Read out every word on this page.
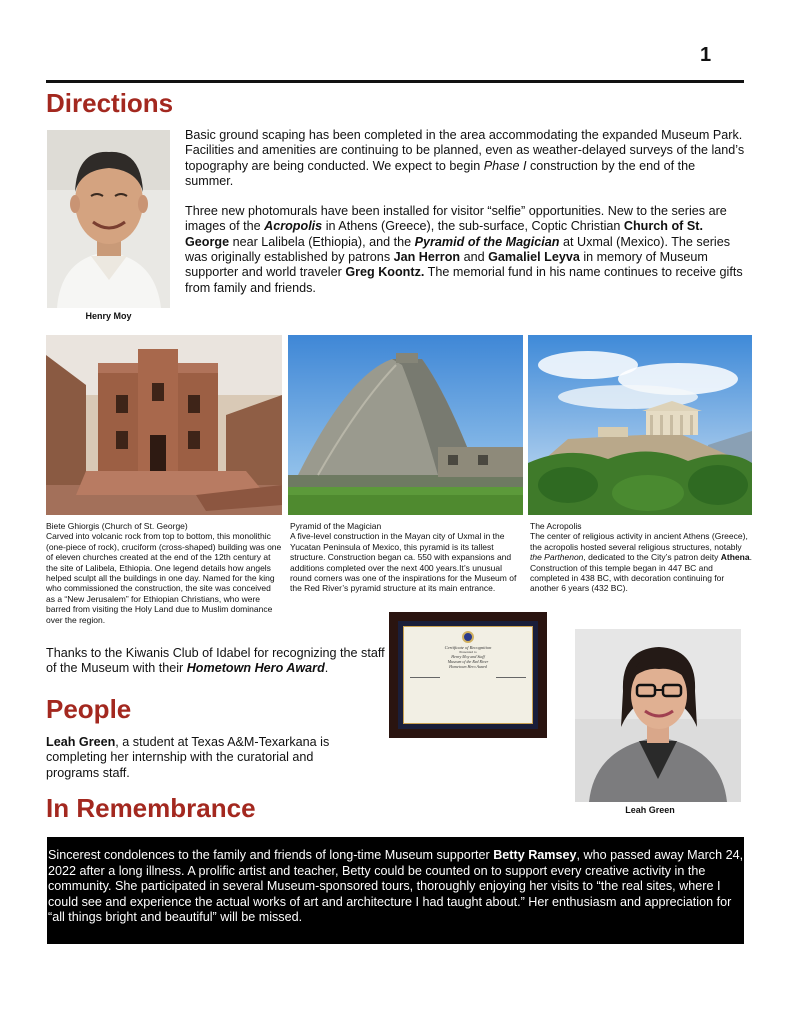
1
Directions
Henry Moy

Basic ground scaping has been completed in the area accommodating the expanded Museum Park. Facilities and amenities are continuing to be planned, even as weather-delayed surveys of the land’s topography are being conducted. We expect to begin Phase I construction by the end of the summer.

Three new photomurals have been installed for visitor “selfie” opportunities. New to the series are images of the Acropolis in Athens (Greece), the sub-surface, Coptic Christian Church of St. George near Lalibela (Ethiopia), and the Pyramid of the Magician at Uxmal (Mexico). The series was originally established by patrons Jan Herron and Gamaliel Leyva in memory of Museum supporter and world traveler Greg Koontz. The memorial fund in his name continues to receive gifts from family and friends.

Biete Ghiorgis (Church of St. George)
Carved into volcanic rock from top to bottom, this monolithic (one-piece of rock), cruciform (cross-shaped) building was one of eleven churches created at the end of the 12th century at the site of Lalibela, Ethiopia. One legend details how angels helped sculpt all the buildings in one day. Named for the king who commissioned the construction, the site was conceived as a “New Jerusalem” for Ethiopian Christians, who were barred from visiting the Holy Land due to Muslim dominance over the region.
Pyramid of the Magician
A five-level construction in the Mayan city of Uxmal in the Yucatan Peninsula of Mexico, this pyramid is its tallest structure. Construction began ca. 550 with expansions and additions completed over the next 400 years.It’s unusual round corners was one of the inspirations for the Museum of the Red River’s pyramid structure at its main entrance.
The Acropolis
The center of religious activity in ancient Athens (Greece), the acropolis hosted several religious structures, notably the Parthenon, dedicated to the City’s patron deity Athena. Construction of this temple began in 447 BC and completed in 438 BC, with decoration continuing for another 6 years (432 BC).
Thanks to the Kiwanis Club of Idabel for recognizing the staff of the Museum with their Hometown Hero Award.
Certificate of Recognition
Presented to
Henry Moy and Staff
Museum of the Red River
Hometown Hero Award
Leah Green
People
Leah Green, a student at Texas A&M-Texarkana is completing her internship with the curatorial and programs staff.
In Remembrance
Sincerest condolences to the family and friends of long-time Museum supporter Betty Ramsey, who passed away March 24, 2022 after a long illness. A prolific artist and teacher, Betty could be counted on to support every creative activity in the community. She participated in several Museum-sponsored tours, thoroughly enjoying her visits to “the real sites, where I could see and experience the actual works of art and architecture I had taught about.” Her enthusiasm and appreciation for “all things bright and beautiful” will be missed.
